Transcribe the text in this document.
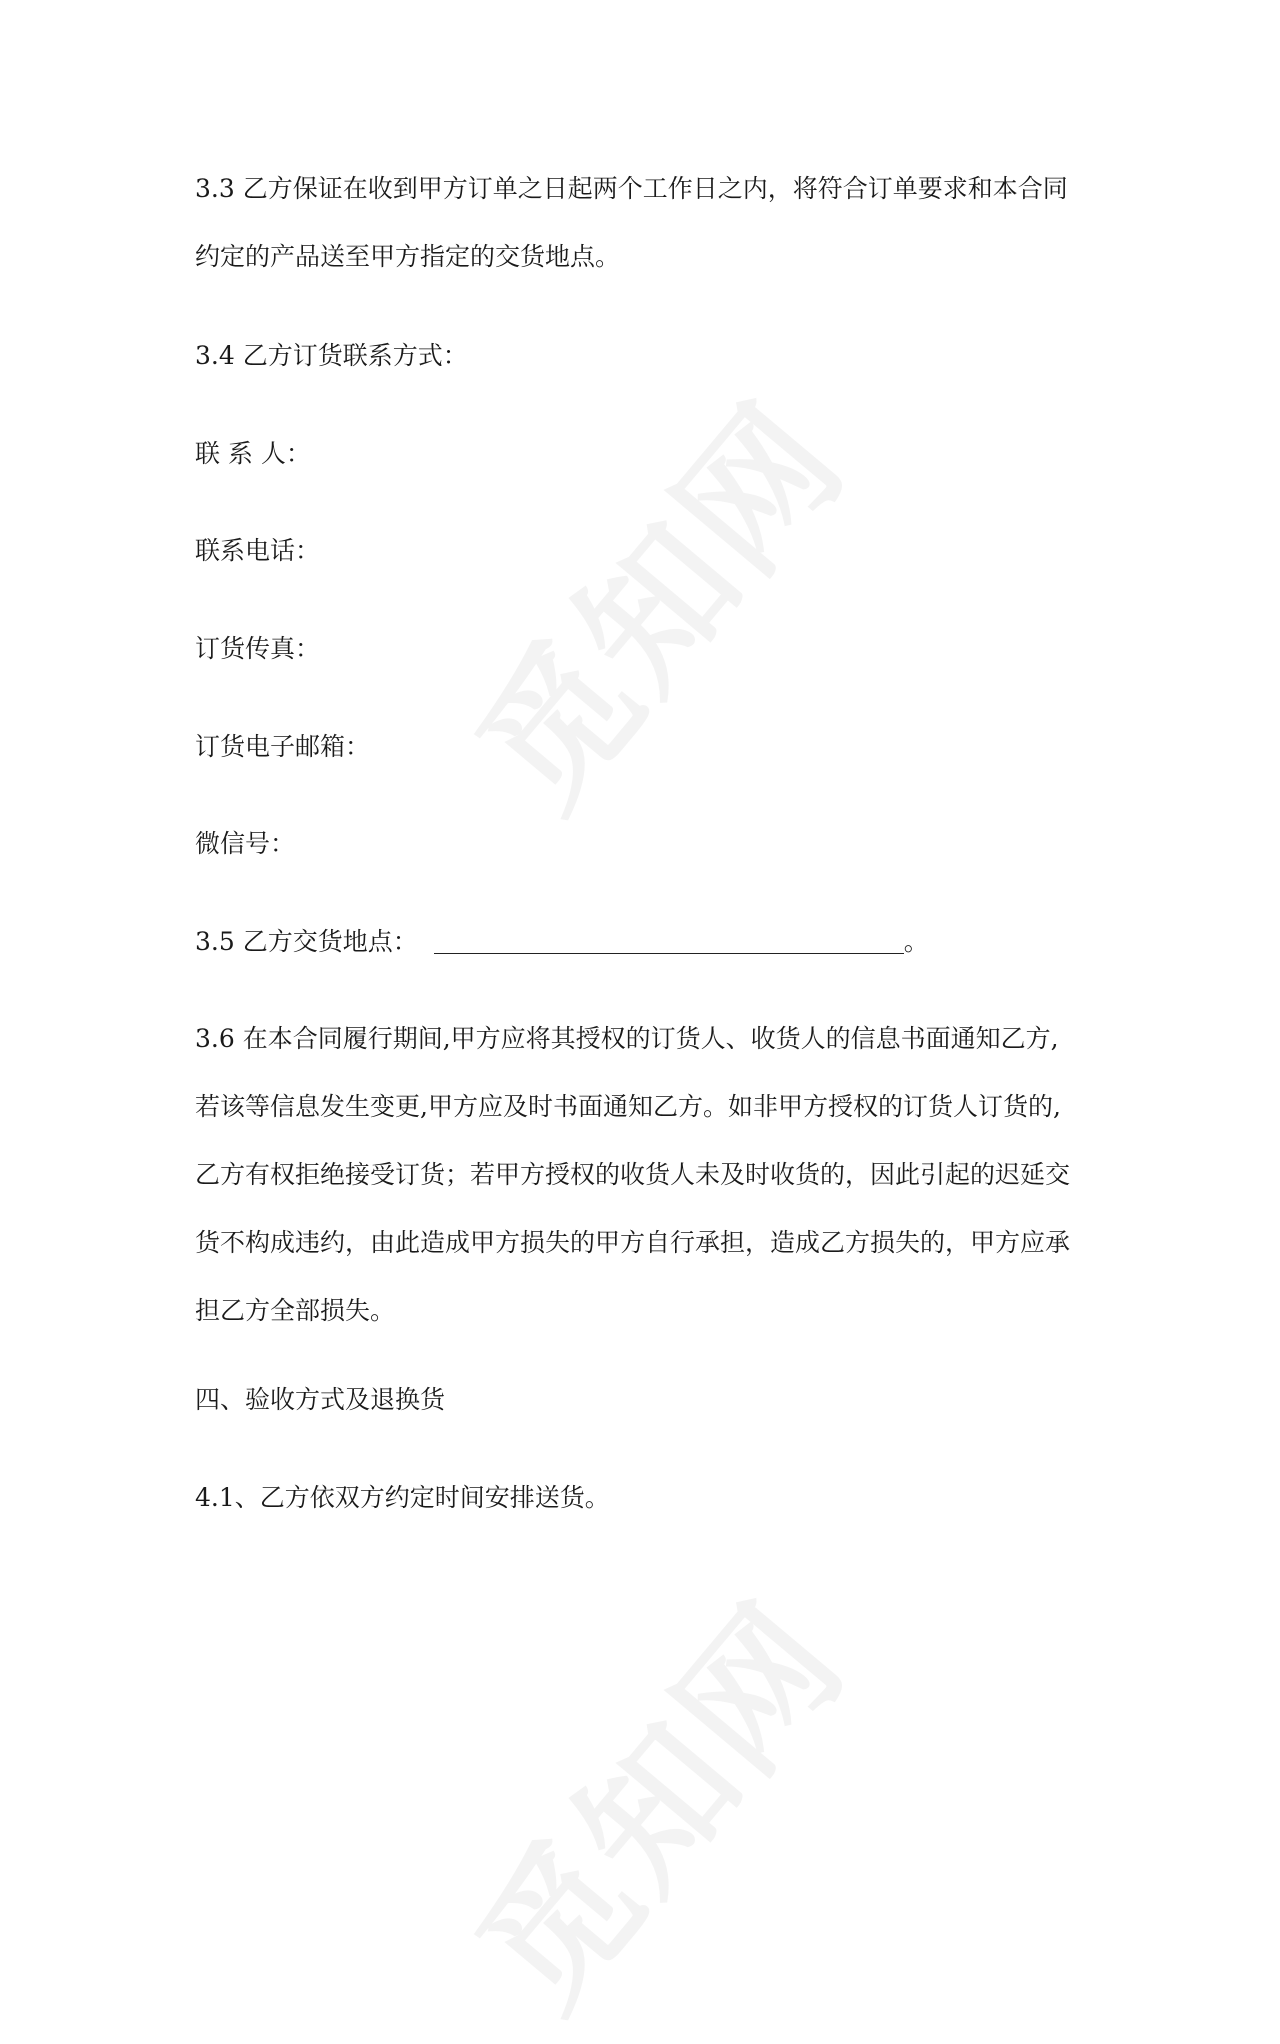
觅知网
觅知网
3.3 乙方保证在收到甲方订单之日起两个工作日之内，将符合订单要求和本合同
约定的产品送至甲方指定的交货地点。
3.4 乙方订货联系方式：
联 系 人：
联系电话：
订货传真：
订货电子邮箱：
微信号：
3.5 乙方交货地点：	。
3.6 在本合同履行期间,甲方应将其授权的订货人、收货人的信息书面通知乙方,
若该等信息发生变更,甲方应及时书面通知乙方。如非甲方授权的订货人订货的,
乙方有权拒绝接受订货；若甲方授权的收货人未及时收货的，因此引起的迟延交
货不构成违约，由此造成甲方损失的甲方自行承担，造成乙方损失的，甲方应承
担乙方全部损失。
四、验收方式及退换货
4.1、乙方依双方约定时间安排送货。
